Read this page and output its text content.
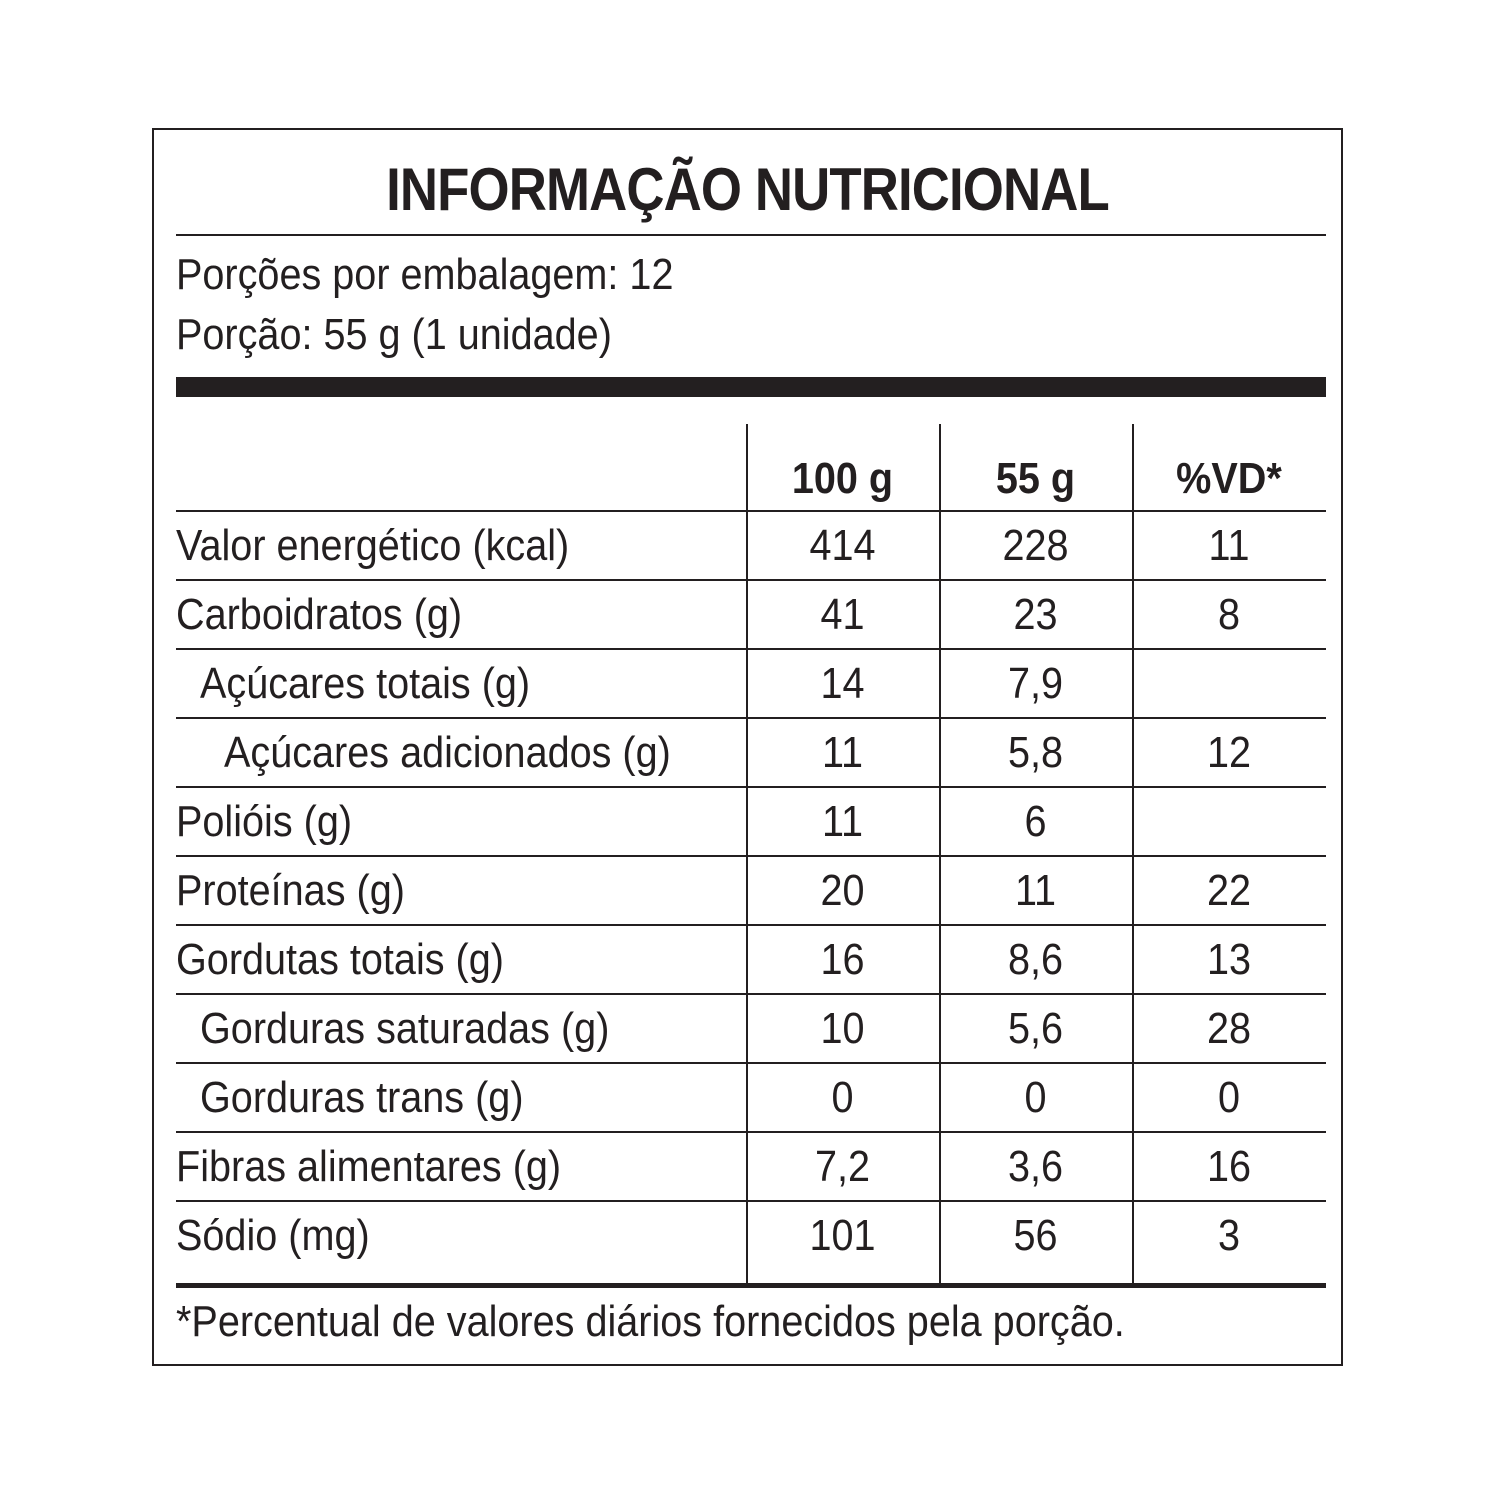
INFORMAÇÃO NUTRICIONAL
Porções por embalagem: 12
Porção: 55 g (1 unidade)
100 g	55 g	%VD*
Valor energético (kcal)	414	228	11
Carboidratos (g)	41	23	8
Açúcares totais (g)	14	7,9
Açúcares adicionados (g)	11	5,8	12
Polióis (g)	11	6
Proteínas (g)	20	11	22
Gordutas totais (g)	16	8,6	13
Gorduras saturadas (g)	10	5,6	28
Gorduras trans (g)	0	0	0
Fibras alimentares (g)	7,2	3,6	16
Sódio (mg)	101	56	3
*Percentual de valores diários fornecidos pela porção.
